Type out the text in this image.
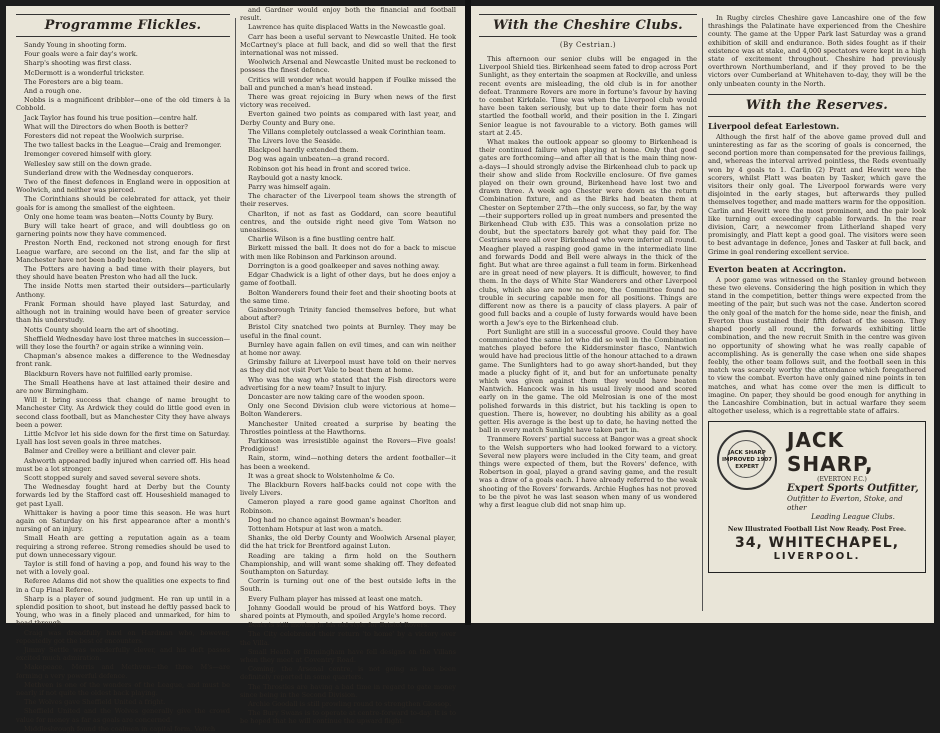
Programme Flickles.

Sandy Young in shooting form.

Four goals were a fair day's work.

Sharp's shooting was first class.

McDermott is a wonderful trickster.

The Foresters are a big team.

And a rough one.

Nobbs is a magnificent dribbler—one of the old timers à la Cobbold.

Jack Taylor has found his true position—centre half.

What will the Directors do when Booth is better?

Foresters did not repeat the Woolwich surprise.

The two tallest backs in the League—Craig and Iremonger.

Iremonger covered himself with glory.

Wellesley saw still on the down grade.

Sunderland drew with the Wednesday conquerors.

Two of the finest defences in England were in opposition at Woolwich, and neither was pierced.

The Corinthians should be celebrated for attack, yet their goals for is among the smallest of the eighteen.

Only one home team was beaten—Notts County by Bury.

Bury will take heart of grace, and will doubtless go on garnering points now they have commenced.

Preston North End, reckoned not strong enough for first League warfare, are second on the list, and far the slip at Manchester have not been badly beaten.

The Potters are having a bad time with their players, but they should have beaten Preston who had all the luck.

The inside Notts men started their outsiders—particularly Anthony.

Frank Forman should have played last Saturday, and although not in training would have been of greater service than his understudy.

Notts County should learn the art of shooting.

Sheffield Wednesday have lost three matches in succession—will they lose the fourth? or again strike a winning vein.

Chapman's absence makes a difference to the Wednesday front rank.

Blackburn Rovers have not fulfilled early promise.

The Small Heathens have at last attained their desire and are now Birmingham.

Will it bring success that change of name brought to Manchester City. As Ardwick they could do little good even in second class football, but as Manchester City they have always been a power.

Little McIvor let his side down for the first time on Saturday. Lyall has lost seven goals in three matches.

Balmer and Crelley were a brilliant and clever pair.

Ashworth appeared badly injured when carried off. His head must be a lot stronger.

Scott stopped surely and saved several severe shots.

The Wednesday fought hard at Derby but the County forwards led by the Stafford cast off. Houseshield managed to get past Lyall.

Whittaker is having a poor time this season. He was hurt again on Saturday on his first appearance after a month's nursing of an injury.

Small Heath are getting a reputation again as a team requiring a strong referee. Strong remedies should be used to put down unnecessary vigour.

Taylor is still fond of having a pop, and found his way to the net with a lovely goal.

Referee Adams did not show the qualities one expects to find in a Cup Final Referee.

Sharp is a player of sound judgment. He ran up until in a splendid position to shoot, but instead he deftly passed back to Young, who was in a finely placed and unmarked, for him to head through.

Craig was dreadfully hard on Hardman who, however, repeatedly got the best of encounters.

Jimmy Settle was wonderfully clever, and his deft passes excited much admiration.

Makepeace, Morris and Methven—the three M's—are forming a very powerful defence.

Methven is one of the wonders of the League, and must be nearly if not quite the oldest back playing.

The Wolves gave Sheffield United a fright.

Sheffield United and the Wolves generally give the crowd value for money as far as goals are concerned.

Middlesbrough found the coalmen in capital form. Veitch

and Gardner would enjoy both the financial and football result.

Lawrence has quite displaced Watts in the Newcastle goal.

Carr has been a useful servant to Newcastle United. He took McCartney's place at full back, and did so well that the first international was not missed.

Woolwich Arsenal and Newcastle United must be reckoned to possess the finest defence.

Critics will wonder what would happen if Foulke missed the ball and punched a man's head instead.

There was great rejoicing in Bury when news of the first victory was received.

Everton gained two points as compared with last year, and Derby County and Bury one.

The Villans completely outclassed a weak Corinthian team.

The Livers love the Seaside.

Blackpool hardly extended them.

Dog was again unbeaten—a grand record.

Robinson got his head in front and scored twice.

Raybould got a nasty knock.

Parry was himself again.

The character of the Liverpool team shows the strength of their reserves.

Charlton, if not as fast as Goddard, can score beautiful centres, and the outside right need give Tom Watson no uneasiness.

Charlie Wilson is a fine bustling centre half.

Birkett missed the ball. It does not do for a back to miscue with men like Robinson and Parkinson around.

Dorrington is a good goalkeeper and saves nothing away.

Edgar Chadwick is a light of other days, but he does enjoy a game of football.

Bolton Wanderers found their feet and their shooting boots at the same time.

Gainsborough Trinity fancied themselves before, but what about after?

Bristol City snatched two points at Burnley. They may be useful in the final count.

Burnley have again fallen on evil times, and can win neither at home nor away.

Grimsby failure at Liverpool must have told on their nerves as they did not visit Port Vale to beat them at home.

Who was the wag who stated that the Fish directors were advertising for a new team? Insult to injury.

Doncaster are now taking care of the wooden spoon.

Only one Second Division club were victorious at home—Bolton Wanderers.

Manchester United created a surprise by beating the Throstles pointless at the Hawthorns.

Parkinson was irresistible against the Rovers—Five goals! Prodigious!

Rain, storm, wind—nothing deters the ardent footballer—it has been a weekend.

It was a great shock to Wolstenholme & Co.

The Blackburn Rovers half-backs could not cope with the lively Livers.

Cameron played a rare good game against Chorlton and Robinson.

Dog had no chance against Bowman's header.

Tottenham Hotspur at last won a match.

Shanks, the old Derby County and Woolwich Arsenal player, did the hat trick for Brentford against Luton.

Reading are taking a firm hold on the Southern Championship, and will want some shaking off. They defeated Southampton on Saturday.

Corrin is turning out one of the best outside lefts in the South.

Every Fulham player has missed at least one match.

Johnny Goodall would be proud of his Watford boys. They shared points at Plymouth, and spoiled Argyle's home record.

Beats is still moving in his old style for Bristol Rovers.

The City celebrated their return 'to home' by a victory over the Villa.

Small Heath or Birmingham have fell designs on the Villans when they meet at Coventry Road.

Coming, the Arsenal centre, is not going as has been definitely reported in some quarters.

The Throstles are having a bad time in regard to gate money since being in the Second Division.

Archie Goodall is still prowling round to strengthen Glossop.

The Bury Swans is to operate at centre-forward to-day. It is to be hoped that he will continue the upward flight.

With the Cheshire Clubs.
(By Cestrian.)

This afternoon our senior clubs will be engaged in the Liverpool Shield ties. Birkenhead seem fated to drop across Port Sunlight, as they entertain the soapmen at Rockville, and unless recent events are misleading, the old club is in for another defeat. Tranmere Rovers are more in fortune's favour by having to combat Kirkdale. Time was when the Liverpool club would have been taken seriously, but up to date their form has not startled the football world, and their position in the I. Zingari Senior league is not favourable to a victory. Both games will start at 2.45.

What makes the outlook appear so gloomy to Birkenhead is their continued failure when playing at home. Only that good gates are forthcoming—and after all that is the main thing now-a-days—I should strongly advise the Birkenhead club to pack up their show and slide from Rockville enclosure. Of five games played on their own ground, Birkenhead have lost two and drawn three. A week ago Chester were down as the return Combination fixture, and as the Birks had beaten them at Chester on September 27th—the only success, so far, by the way—their supporters rolled up in great numbers and presented the Birkenhead Club with £35. This was a consolation prize no doubt, but the spectators barely got what they paid for. The Cestrians were all over Birkenhead who were inferior all round. Meagher played a rasping good game in the intermediate line and forwards Dodd and Bell were always in the thick of the fight. But what are three against a full team in form. Birkenhead are in great need of new players. It is difficult, however, to find them. In the days of White Star Wanderers and other Liverpool clubs, which also are now no more, the Committee found no trouble in securing capable men for all positions. Things are different now as there is a paucity of class players. A pair of good full backs and a couple of lusty forwards would have been worth a Jew's eye to the Birkenhead club.

Port Sunlight are still in a successful groove. Could they have communicated the same lot who did so well in the Combination matches played before the Kiddersminster fiasco, Nantwich would have had precious little of the honour attached to a drawn game. The Sunlighters had to go away short-handed, but they made a plucky fight of it, and but for an unfortunate penalty which was given against them they would have beaten Nantwich. Hancock was in his usual lively mood and scored early on in the game. The old Melrosian is one of the most polished forwards in this district, but his tackling is open to question. There is, however, no doubting his ability as a goal getter. His average is the best up to date, he having netted the ball in every match Sunlight have taken part in.

Tranmere Rovers' partial success at Bangor was a great shock to the Welsh supporters who had looked forward to a victory. Several new players were included in the City team, and great things were expected of them, but the Rovers' defence, with Robertson in goal, played a grand saving game, and the result was a draw of a goals each. I have already referred to the weak shooting of the Rovers' forwards. Archie Hughes has not proved to be the pivot he was last season when many of us wondered why a first league club did not snap him up.

In Rugby circles Cheshire gave Lancashire one of the few thrashings the Palatinate have experienced from the Cheshire county. The game at the Upper Park last Saturday was a grand exhibition of skill and endurance. Both sides fought as if their existence was at stake, and 4,000 spectators were kept in a high state of excitement throughout. Cheshire had previously overthrown Northumberland, and if they proved to be the victors over Cumberland at Whitehaven to-day, they will be the only unbeaten county in the North.

With the Reserves.
Liverpool defeat Earlestown.

Although the first half of the above game proved dull and uninteresting as far as the scoring of goals is concerned, the second portion more than compensated for the previous failings, and, whereas the interval arrived pointless, the Reds eventually won by 4 goals to 1. Carlin (2) Pratt and Hewitt were the scorers, whilst Platt was beaten by Tasker, which gave the visitors their only goal. The Liverpool forwards were very disjointed in the early stages, but afterwards they pulled themselves together, and made matters warm for the opposition. Carlin and Hewitt were the most prominent, and the pair look like turning out exceedingly capable forwards. In the rear division, Carr, a newcomer from Litherland shaped very promisingly, and Platt kept a good goal. The visitors were seen to best advantage in defence, Jones and Tasker at full back, and Grime in goal rendering excellent service.

Everton beaten at Accrington.

A poor game was witnessed on the Stanley ground between these two elevens. Considering the high position in which they stand in the competition, better things were expected from the meeting of the pair, but such was not the case. Anderton scored the only goal of the match for the home side, near the finish, and Everton thus sustained their fifth defeat of the season. They shaped poorly all round, the forwards exhibiting little combination, and the new recruit Smith in the centre was given no opportunity of showing what he was really capable of accomplishing. As is generally the case when one side shapes feebly, the other team follows suit, and the football seen in this match was scarcely worthy the attendance which foregathered to view the combat. Everton have only gained nine points in ten matches, and what has come over the men is difficult to imagine. On paper, they should be good enough for anything in the Lancashire Combination, but in actual warfare they seem altogether useless, which is a regrettable state of affairs.

JACK SHARP IMPROVED 1907 EXPERT
JACK SHARP,
(EVERTON F.C.)
Expert Sports Outfitter,
Outfitter to Everton, Stoke, and other
Leading League Clubs.
New Illustrated Football List Now Ready. Post Free.
34, WHITECHAPEL,
LIVERPOOL.
